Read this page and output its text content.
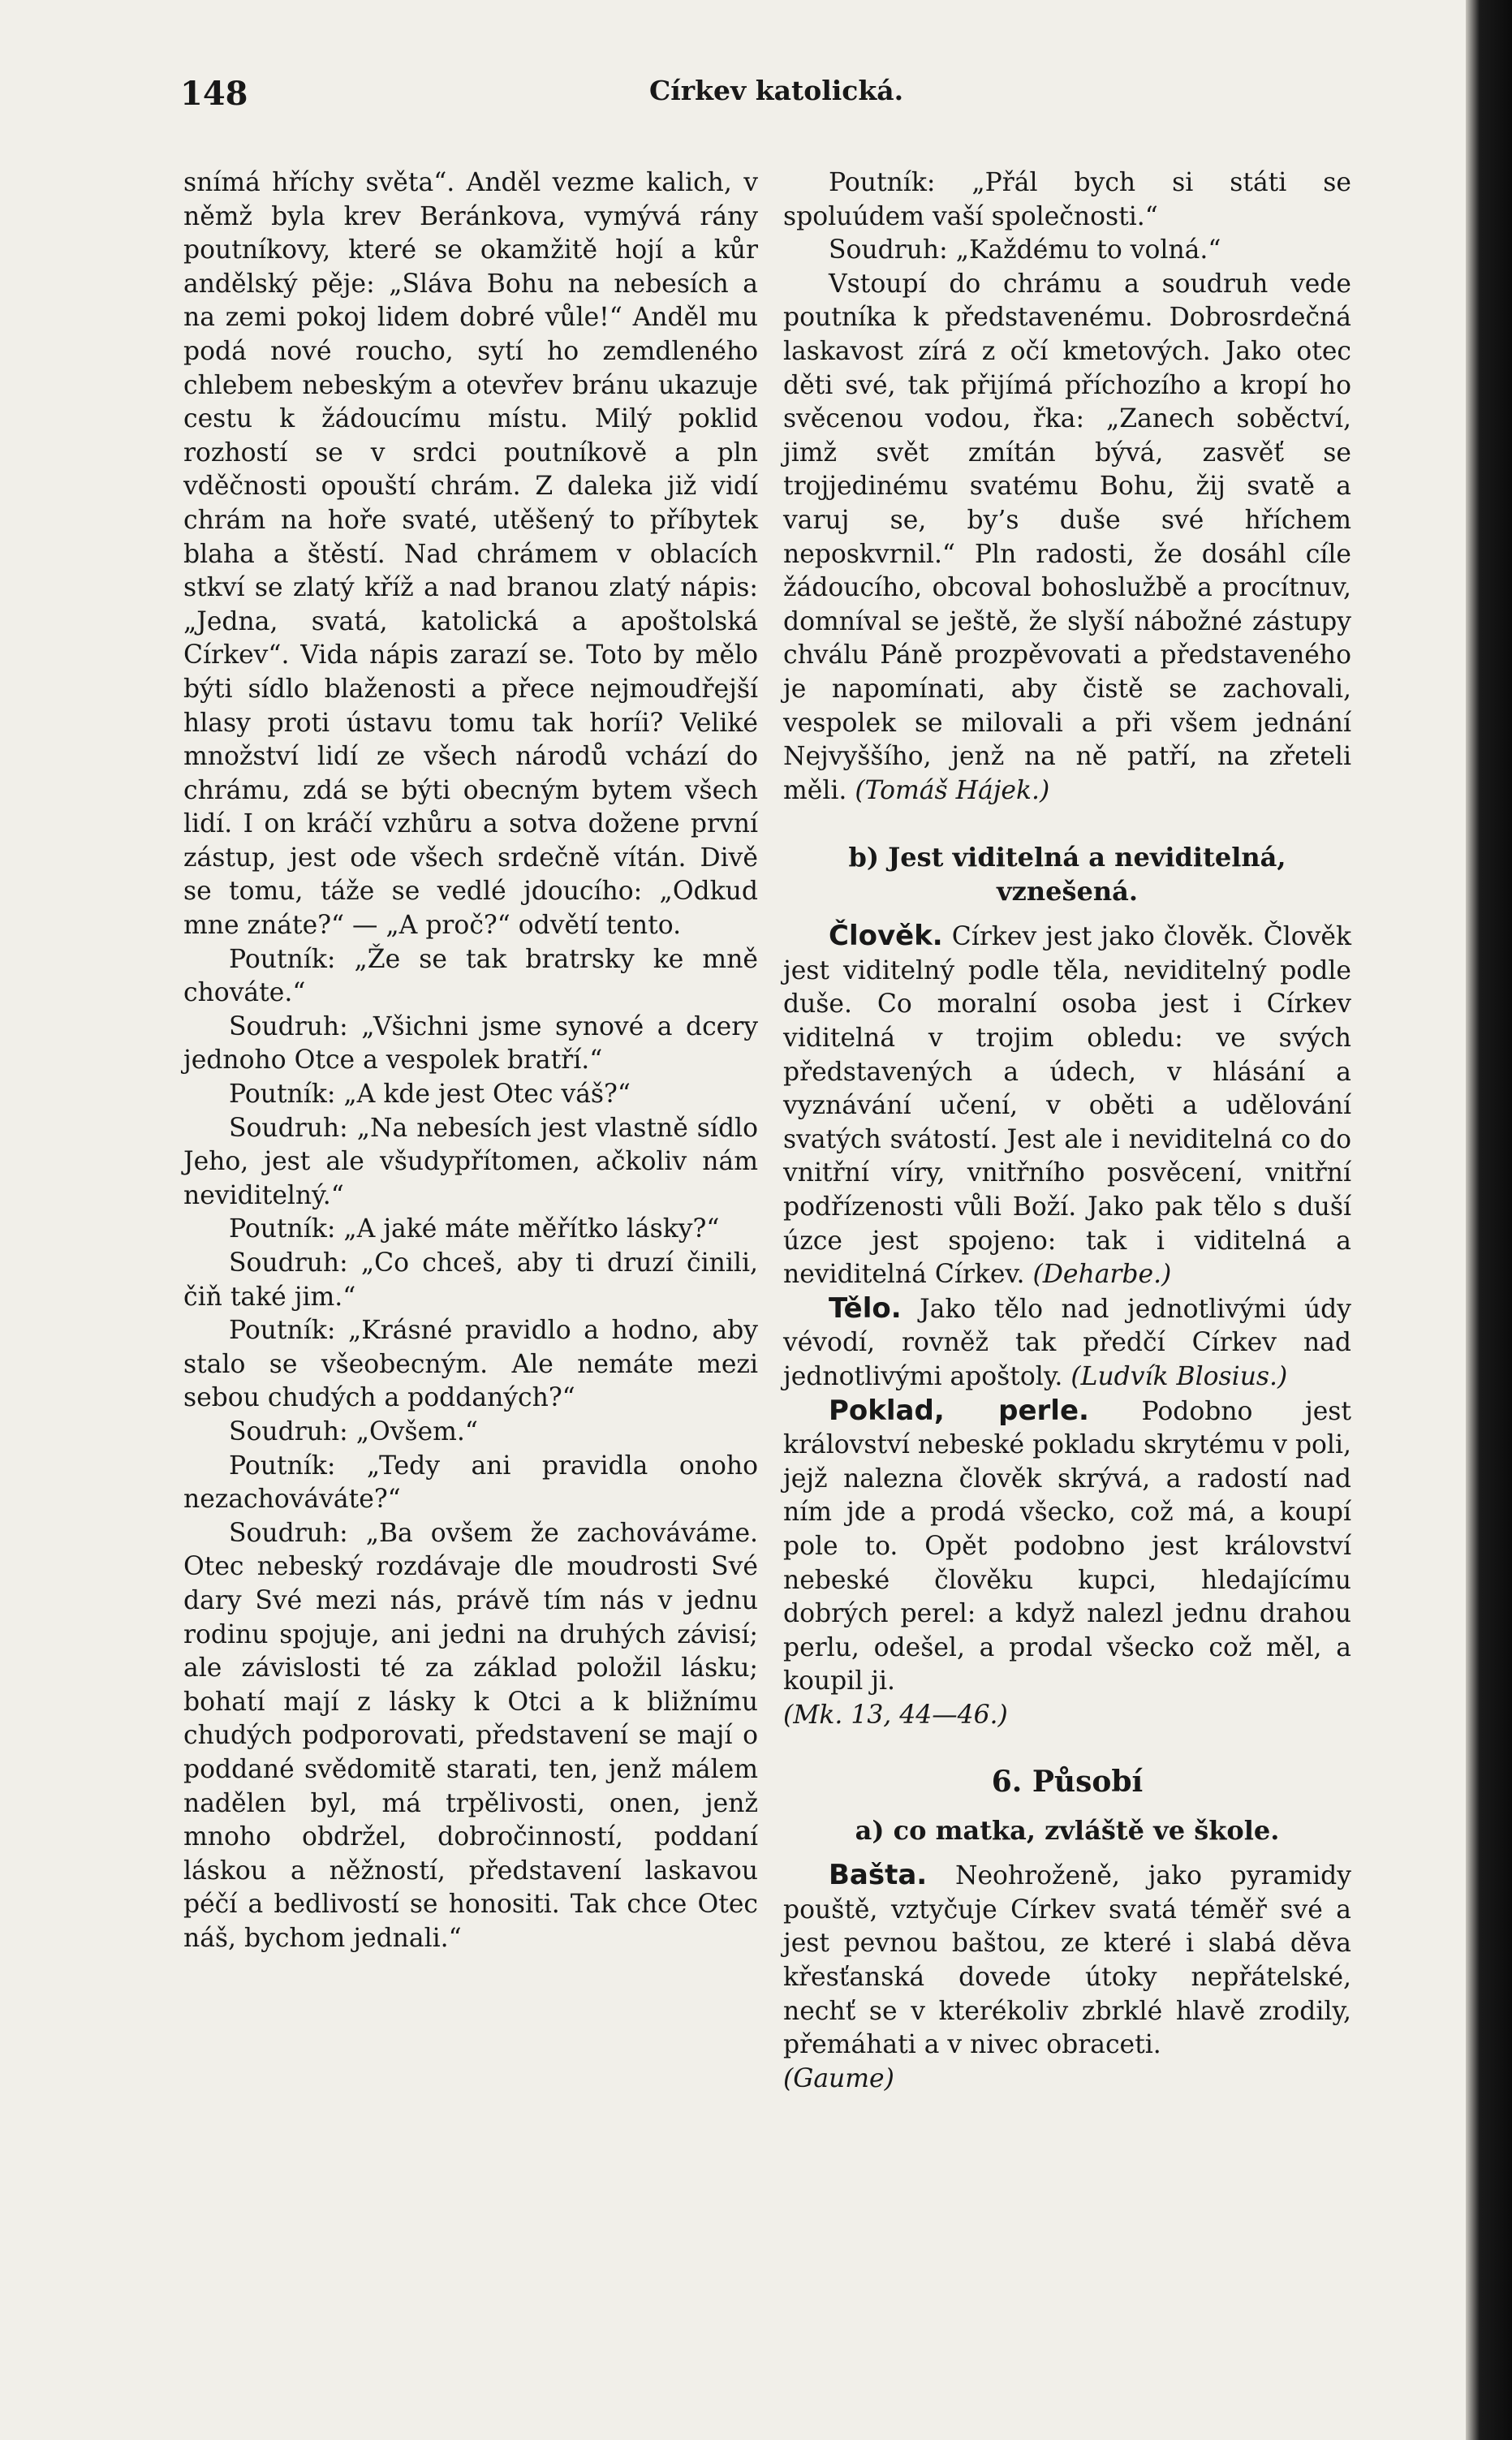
148	Církev katolická.

snímá hříchy světa“. Anděl vezme kalich, v němž byla krev Beránkova, vymývá rány poutníkovy, které se okamžitě hojí a kůr andělský pěje: „Sláva Bohu na nebesích a na zemi pokoj lidem dobré vůle!“ Anděl mu podá nové roucho, sytí ho zemdleného chlebem nebeským a otevřev bránu ukazuje cestu k žádoucímu místu. Milý poklid rozhostí se v srdci poutníkově a pln vděčnosti opouští chrám. Z daleka již vidí chrám na hoře svaté, utěšený to příbytek blaha a štěstí. Nad chrámem v oblacích stkví se zlatý kříž a nad branou zlatý nápis: „Jedna, svatá, katolická a apoštolská Církev“. Vida nápis zarazí se. Toto by mělo býti sídlo blaženosti a přece nejmoudřejší hlasy proti ústavu tomu tak horíi? Veliké množství lidí ze všech národů vchází do chrámu, zdá se býti obecným bytem všech lidí. I on kráčí vzhůru a sotva dožene první zástup, jest ode všech srdečně vítán. Divě se tomu, táže se vedlé jdoucího: „Odkud mne znáte?“ — „A proč?“ odvětí tento.

Poutník: „Že se tak bratrsky ke mně chováte.“

Soudruh: „Všichni jsme synové a dcery jednoho Otce a vespolek bratří.“

Poutník: „A kde jest Otec váš?“

Soudruh: „Na nebesích jest vlastně sídlo Jeho, jest ale všudypřítomen, ačkoliv nám neviditelný.“

Poutník: „A jaké máte měřítko lásky?“

Soudruh: „Co chceš, aby ti druzí činili, čiň také jim.“

Poutník: „Krásné pravidlo a hodno, aby stalo se všeobecným. Ale nemáte mezi sebou chudých a poddaných?“

Soudruh: „Ovšem.“

Poutník: „Tedy ani pravidla onoho nezachováváte?“

Soudruh: „Ba ovšem že zachováváme. Otec nebeský rozdávaje dle moudrosti Své dary Své mezi nás, právě tím nás v jednu rodinu spojuje, ani jedni na druhých závisí; ale závislosti té za základ položil lásku; bohatí mají z lásky k Otci a k bližnímu chudých podporovati, představení se mají o poddané svědomitě starati, ten, jenž málem nadělen byl, má trpělivosti, onen, jenž mnoho obdržel, dobročinností, poddaní láskou a něžností, představení laskavou péčí a bedlivostí se honositi. Tak chce Otec náš, bychom jednali.“

Poutník: „Přál bych si státi se spoluúdem vaší společnosti.“

Soudruh: „Každému to volná.“

Vstoupí do chrámu a soudruh vede poutníka k představenému. Dobrosrdečná laskavost zírá z očí kmetových. Jako otec děti své, tak přijímá příchozího a kropí ho svěcenou vodou, řka: „Zanech soběctví, jimž svět zmítán bývá, zasvěť se trojjedinému svatému Bohu, žij svatě a varuj se, by’s duše své hříchem neposkvrnil.“ Pln radosti, že dosáhl cíle žádoucího, obcoval bohoslužbě a procítnuv, domníval se ještě, že slyší nábožné zástupy chválu Páně prozpěvovati a představeného je napomínati, aby čistě se zachovali, vespolek se milovali a při všem jednání Nejvyššího, jenž na ně patří, na zřeteli měli. (Tomáš Hájek.)

b) Jest viditelná a neviditelná, vznešená.

Člověk. Církev jest jako člověk. Člověk jest viditelný podle těla, neviditelný podle duše. Co moralní osoba jest i Církev viditelná v trojim obledu: ve svých představených a údech, v hlásání a vyznávání učení, v oběti a udělování svatých svátostí. Jest ale i neviditelná co do vnitřní víry, vnitřního posvěcení, vnitřní podřízenosti vůli Boží. Jako pak tělo s duší úzce jest spojeno: tak i viditelná a neviditelná Církev. (Deharbe.)

Tělo. Jako tělo nad jednotlivými údy vévodí, rovněž tak předčí Církev nad jednotlivými apoštoly. (Ludvík Blosius.)

Poklad, perle. Podobno jest království nebeské pokladu skrytému v poli, jejž nalezna člověk skrývá, a radostí nad ním jde a prodá všecko, což má, a koupí pole to. Opět podobno jest království nebeské člověku kupci, hledajícímu dobrých perel: a když nalezl jednu drahou perlu, odešel, a prodal všecko což měl, a koupil ji.

(Mk. 13, 44—46.)

6. Působí
a) co matka, zvláště ve škole.

Bašta. Neohroženě, jako pyramidy pouště, vztyčuje Církev svatá téměř své a jest pevnou baštou, ze které i slabá děva křesťanská dovede útoky nepřátelské, nechť se v kterékoliv zbrklé hlavě zrodily, přemáhati a v nivec obraceti.

(Gaume)
